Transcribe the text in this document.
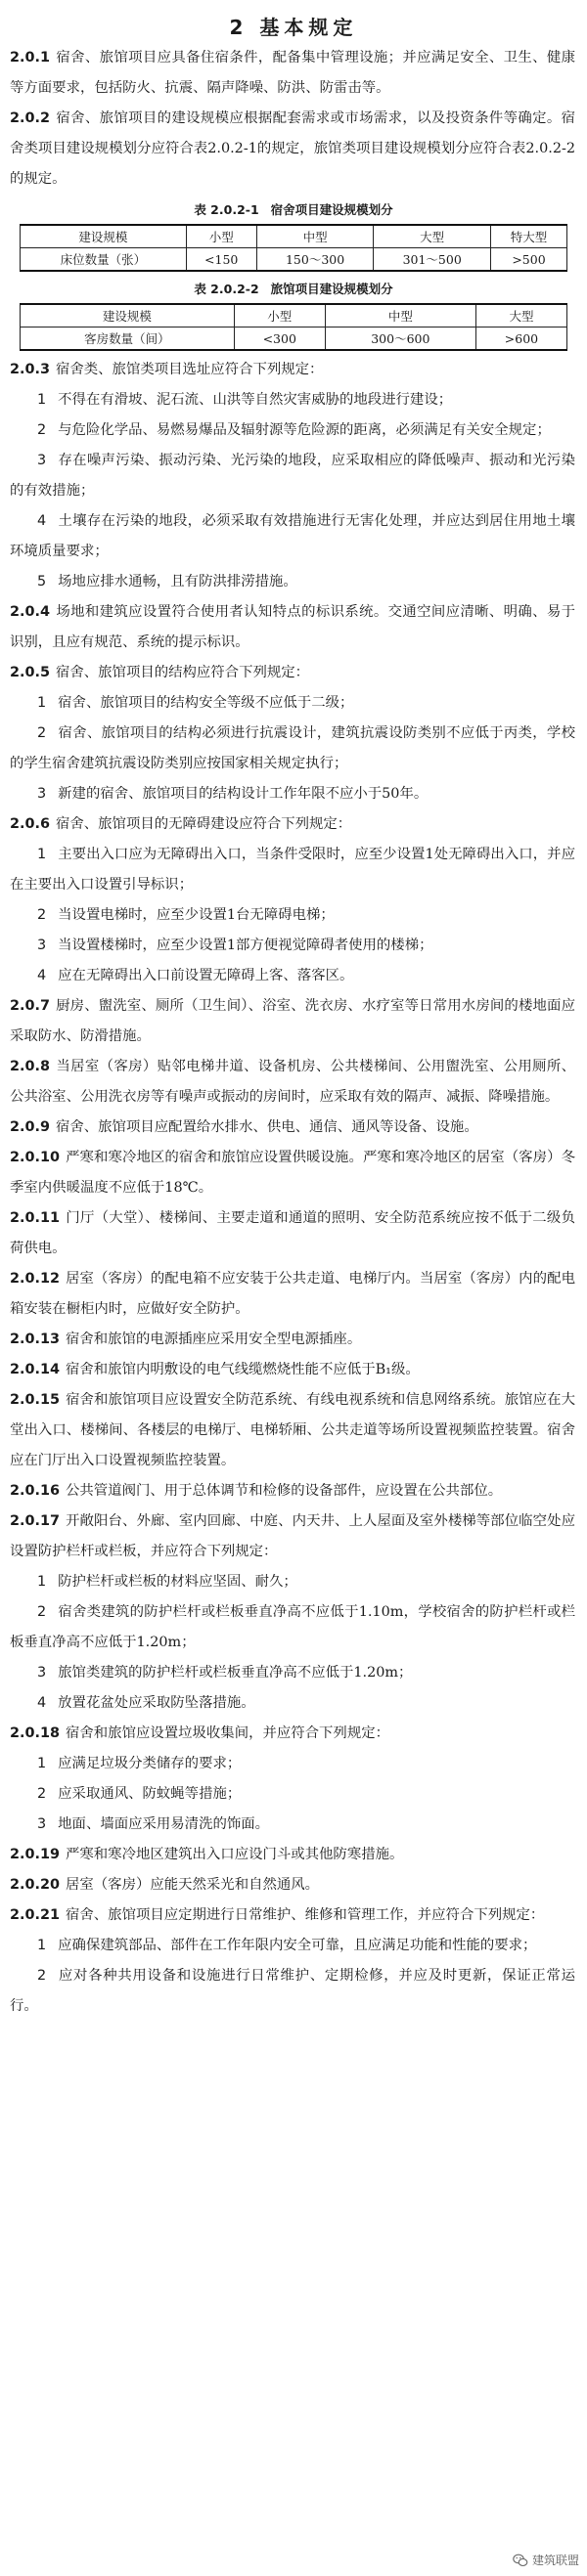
2 基本规定

2.0.1 宿舍、旅馆项目应具备住宿条件，配备集中管理设施；并应满足安全、卫生、健康等方面要求，包括防火、抗震、隔声降噪、防洪、防雷击等。

2.0.2 宿舍、旅馆项目的建设规模应根据配套需求或市场需求，以及投资条件等确定。宿舍类项目建设规模划分应符合表2.0.2-1的规定，旅馆类项目建设规模划分应符合表2.0.2-2的规定。

表 2.0.2-1 宿舍项目建设规模划分
建设规模	小型	中型	大型	特大型
床位数量（张）	<150	150～300	301～500	>500
表 2.0.2-2 旅馆项目建设规模划分
建设规模	小型	中型	大型
客房数量（间）	<300	300～600	>600

2.0.3 宿舍类、旅馆类项目选址应符合下列规定：

1 不得在有滑坡、泥石流、山洪等自然灾害威胁的地段进行建设；

2 与危险化学品、易燃易爆品及辐射源等危险源的距离，必须满足有关安全规定；

3 存在噪声污染、振动污染、光污染的地段，应采取相应的降低噪声、振动和光污染的有效措施；

4 土壤存在污染的地段，必须采取有效措施进行无害化处理，并应达到居住用地土壤环境质量要求；

5 场地应排水通畅，且有防洪排涝措施。

2.0.4 场地和建筑应设置符合使用者认知特点的标识系统。交通空间应清晰、明确、易于识别，且应有规范、系统的提示标识。

2.0.5 宿舍、旅馆项目的结构应符合下列规定：

1 宿舍、旅馆项目的结构安全等级不应低于二级；

2 宿舍、旅馆项目的结构必须进行抗震设计，建筑抗震设防类别不应低于丙类，学校的学生宿舍建筑抗震设防类别应按国家相关规定执行；

3 新建的宿舍、旅馆项目的结构设计工作年限不应小于50年。

2.0.6 宿舍、旅馆项目的无障碍建设应符合下列规定：

1 主要出入口应为无障碍出入口，当条件受限时，应至少设置1处无障碍出入口，并应在主要出入口设置引导标识；

2 当设置电梯时，应至少设置1台无障碍电梯；

3 当设置楼梯时，应至少设置1部方便视觉障碍者使用的楼梯；

4 应在无障碍出入口前设置无障碍上客、落客区。

2.0.7 厨房、盥洗室、厕所（卫生间）、浴室、洗衣房、水疗室等日常用水房间的楼地面应采取防水、防滑措施。

2.0.8 当居室（客房）贴邻电梯井道、设备机房、公共楼梯间、公用盥洗室、公用厕所、公共浴室、公用洗衣房等有噪声或振动的房间时，应采取有效的隔声、减振、降噪措施。

2.0.9 宿舍、旅馆项目应配置给水排水、供电、通信、通风等设备、设施。

2.0.10 严寒和寒冷地区的宿舍和旅馆应设置供暖设施。严寒和寒冷地区的居室（客房）冬季室内供暖温度不应低于18℃。

2.0.11 门厅（大堂）、楼梯间、主要走道和通道的照明、安全防范系统应按不低于二级负荷供电。

2.0.12 居室（客房）的配电箱不应安装于公共走道、电梯厅内。当居室（客房）内的配电箱安装在橱柜内时，应做好安全防护。

2.0.13 宿舍和旅馆的电源插座应采用安全型电源插座。

2.0.14 宿舍和旅馆内明敷设的电气线缆燃烧性能不应低于B₁级。

2.0.15 宿舍和旅馆项目应设置安全防范系统、有线电视系统和信息网络系统。旅馆应在大堂出入口、楼梯间、各楼层的电梯厅、电梯轿厢、公共走道等场所设置视频监控装置。宿舍应在门厅出入口设置视频监控装置。

2.0.16 公共管道阀门、用于总体调节和检修的设备部件，应设置在公共部位。

2.0.17 开敞阳台、外廊、室内回廊、中庭、内天井、上人屋面及室外楼梯等部位临空处应设置防护栏杆或栏板，并应符合下列规定：

1 防护栏杆或栏板的材料应坚固、耐久；

2 宿舍类建筑的防护栏杆或栏板垂直净高不应低于1.10m，学校宿舍的防护栏杆或栏板垂直净高不应低于1.20m；

3 旅馆类建筑的防护栏杆或栏板垂直净高不应低于1.20m；

4 放置花盆处应采取防坠落措施。

2.0.18 宿舍和旅馆应设置垃圾收集间，并应符合下列规定：

1 应满足垃圾分类储存的要求；

2 应采取通风、防蚊蝇等措施；

3 地面、墙面应采用易清洗的饰面。

2.0.19 严寒和寒冷地区建筑出入口应设门斗或其他防寒措施。

2.0.20 居室（客房）应能天然采光和自然通风。

2.0.21 宿舍、旅馆项目应定期进行日常维护、维修和管理工作，并应符合下列规定：

1 应确保建筑部品、部件在工作年限内安全可靠，且应满足功能和性能的要求；

2 应对各种共用设备和设施进行日常维护、定期检修，并应及时更新，保证正常运行。

建筑联盟
